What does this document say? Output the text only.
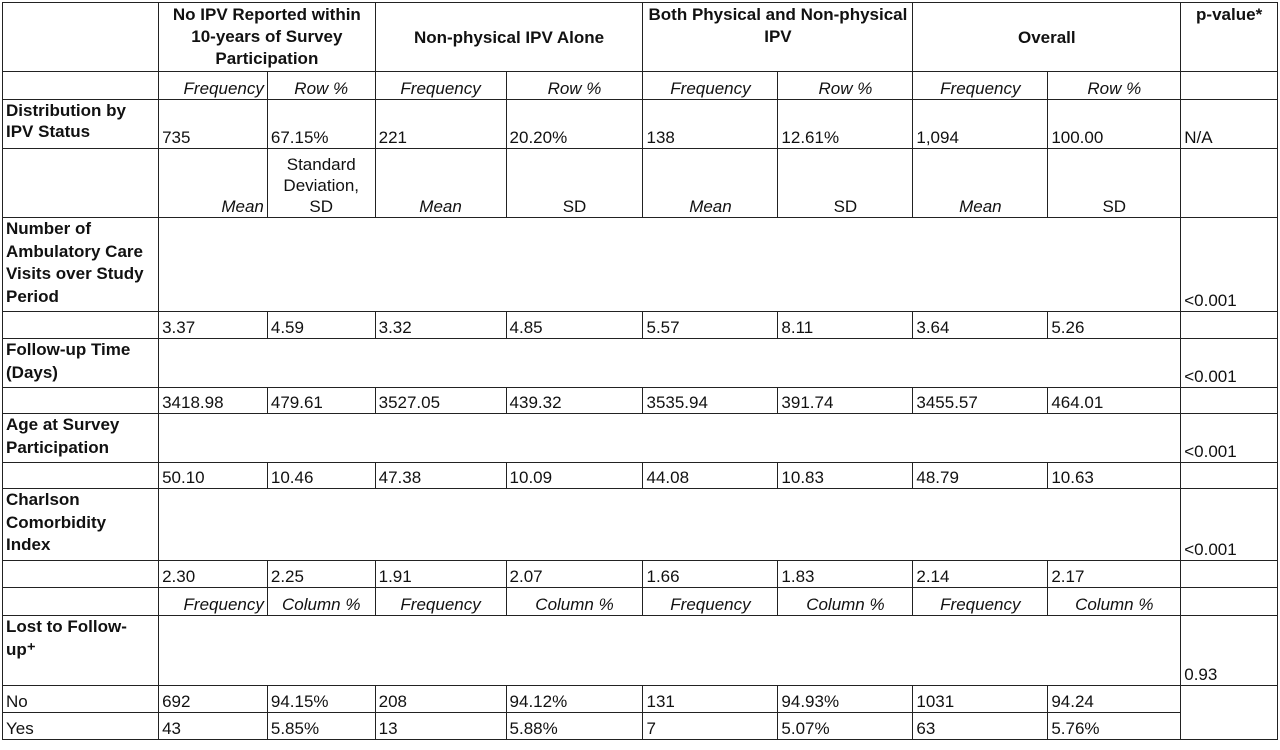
	No IPV Reported within 10-years of Survey Participation		Non-physical IPV Alone		Both Physical and Non-physical IPV		Overall		p-value*
	Frequency	Row %	Frequency	Row %	Frequency	Row %	Frequency	Row %	
Distribution by IPV Status	735	67.15%	221	20.20%	138	12.61%	1,094	100.00	N/A
	Mean	Standard Deviation, SD	Mean	SD	Mean	SD	Mean	SD	
Number of Ambulatory Care Visits over Study Period									<0.001
	3.37	4.59	3.32	4.85	5.57	8.11	3.64	5.26	
Follow-up Time (Days)									<0.001
	3418.98	479.61	3527.05	439.32	3535.94	391.74	3455.57	464.01	
Age at Survey Participation									<0.001
	50.10	10.46	47.38	10.09	44.08	10.83	48.79	10.63	
Charlson Comorbidity Index									<0.001
	2.30	2.25	1.91	2.07	1.66	1.83	2.14	2.17	
	Frequency	Column %	Frequency	Column %	Frequency	Column %	Frequency	Column %	
Lost to Follow-up⁺									0.93
No	692	94.15%	208	94.12%	131	94.93%	1031	94.24	
Yes	43	5.85%	13	5.88%	7	5.07%	63	5.76%	
